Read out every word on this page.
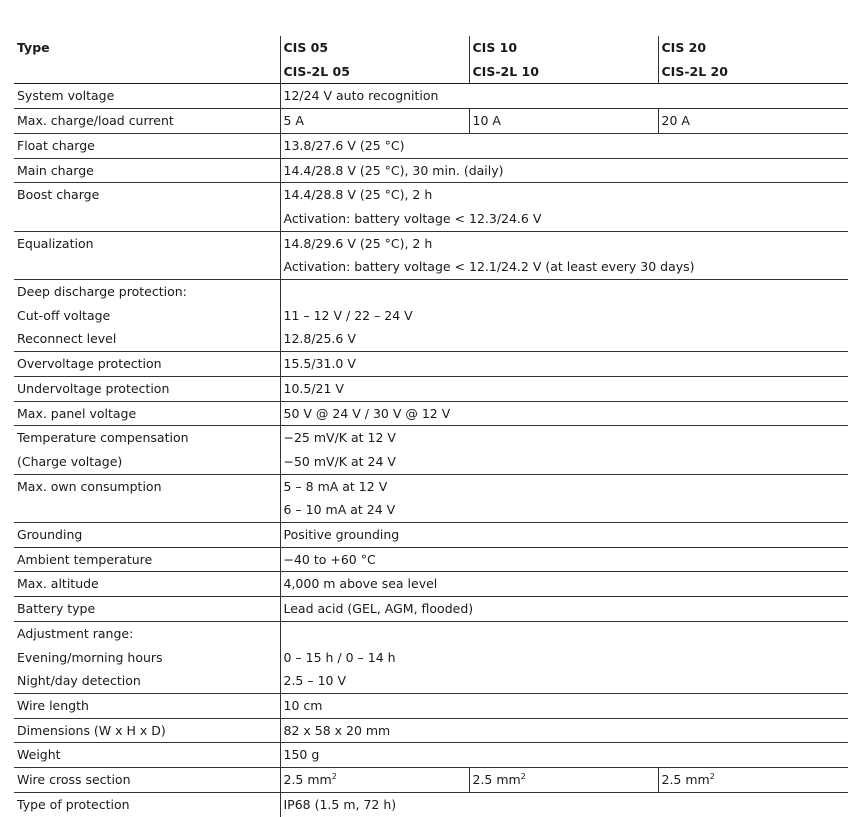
Type	CIS 05	CIS 10	CIS 20
	CIS-2L 05	CIS-2L 10	CIS-2L 20
System voltage	12/24 V auto recognition		
Max. charge/load current	5 A	10 A	20 A
Float charge	13.8/27.6 V (25 °C)		
Main charge	14.4/28.8 V (25 °C), 30 min. (daily)		
Boost charge	14.4/28.8 V (25 °C), 2 h		
	Activation: battery voltage < 12.3/24.6 V		
Equalization	14.8/29.6 V (25 °C), 2 h		
	Activation: battery voltage < 12.1/24.2 V (at least every 30 days)		
Deep discharge protection:			
Cut-off voltage	11 – 12 V / 22 – 24 V		
Reconnect level	12.8/25.6 V		
Overvoltage protection	15.5/31.0 V		
Undervoltage protection	10.5/21 V		
Max. panel voltage	50 V @ 24 V / 30 V @ 12 V		
Temperature compensation	−25 mV/K at 12 V		
(Charge voltage)	−50 mV/K at 24 V		
Max. own consumption	5 – 8 mA at 12 V		
	6 – 10 mA at 24 V		
Grounding	Positive grounding		
Ambient temperature	−40 to +60 °C		
Max. altitude	4,000 m above sea level		
Battery type	Lead acid (GEL, AGM, flooded)		
Adjustment range:			
Evening/morning hours	0 – 15 h / 0 – 14 h		
Night/day detection	2.5 – 10 V		
Wire length	10 cm		
Dimensions (W x H x D)	82 x 58 x 20 mm		
Weight	150 g		
Wire cross section	2.5 $mm^2$	2.5 $mm^2$	2.5 $mm^2$
Type of protection	IP68 (1.5 m, 72 h)		
